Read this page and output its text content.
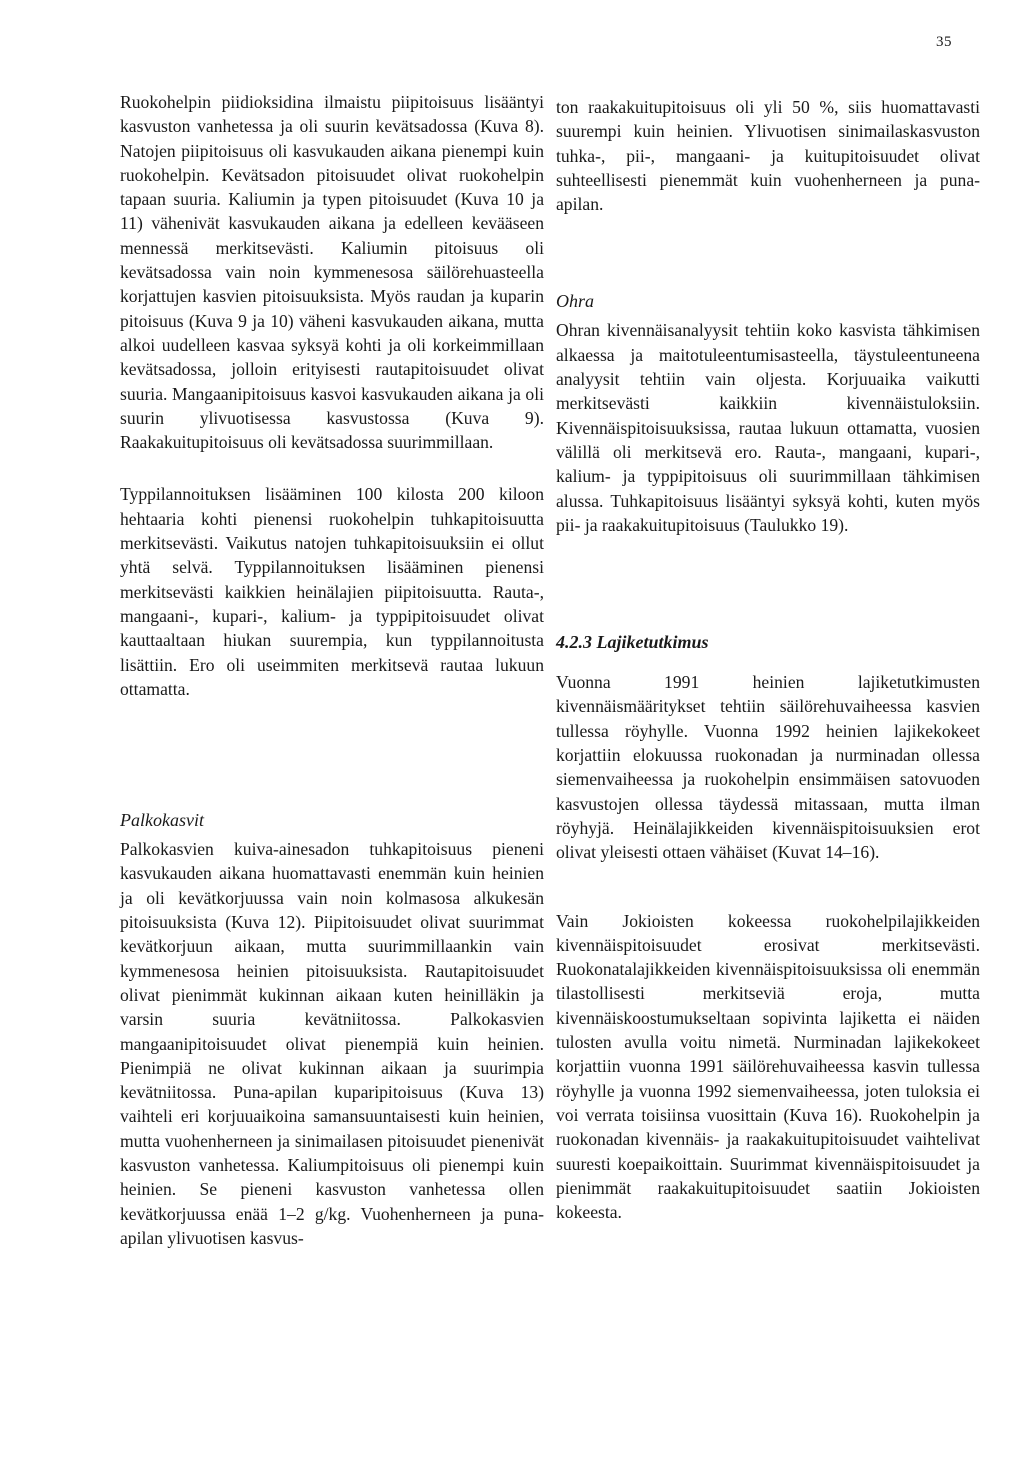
35

Ruokohelpin piidioksidina ilmaistu piipitoisuus lisääntyi kasvuston vanhetessa ja oli suurin kevätsadossa (Kuva 8). Natojen piipitoisuus oli kasvukauden aikana pienempi kuin ruokohelpin. Kevätsadon pitoisuudet olivat ruokohelpin tapaan suuria. Kaliumin ja typen pitoisuudet (Kuva 10 ja 11) vähenivät kasvukauden aikana ja edelleen kevääseen mennessä merkitsevästi. Kaliumin pitoisuus oli kevätsadossa vain noin kymmenesosa säilörehuasteella korjattujen kasvien pitoisuuksista. Myös raudan ja kuparin pitoisuus (Kuva 9 ja 10) väheni kasvukauden aikana, mutta alkoi uudelleen kasvaa syksyä kohti ja oli korkeimmillaan kevätsadossa, jolloin erityisesti rautapitoisuudet olivat suuria. Mangaanipitoisuus kasvoi kasvukauden aikana ja oli suurin ylivuotisessa kasvustossa (Kuva 9). Raakakuitupitoisuus oli kevätsadossa suurimmillaan.

Typpilannoituksen lisääminen 100 kilosta 200 kiloon hehtaaria kohti pienensi ruokohelpin tuhkapitoisuutta merkitsevästi. Vaikutus natojen tuhkapitoisuuksiin ei ollut yhtä selvä. Typpilannoituksen lisääminen pienensi merkitsevästi kaikkien heinälajien piipitoisuutta. Rauta-, mangaani-, kupari-, kalium- ja typpipitoisuudet olivat kauttaaltaan hiukan suurempia, kun typpilannoitusta lisättiin. Ero oli useimmiten merkitsevä rautaa lukuun ottamatta.

Palkokasvit

Palkokasvien kuiva-ainesadon tuhkapitoisuus pieneni kasvukauden aikana huomattavasti enemmän kuin heinien ja oli kevätkorjuussa vain noin kolmasosa alkukesän pitoisuuksista (Kuva 12). Piipitoisuudet olivat suurimmat kevätkorjuun aikaan, mutta suurimmillaankin vain kymmenesosa heinien pitoisuuksista. Rautapitoisuudet olivat pienimmät kukinnan aikaan kuten heinilläkin ja varsin suuria kevätniitossa. Palkokasvien mangaanipitoisuudet olivat pienempiä kuin heinien. Pienimpiä ne olivat kukinnan aikaan ja suurimpia kevätniitossa. Puna-apilan kuparipitoisuus (Kuva 13) vaihteli eri korjuuaikoina samansuuntaisesti kuin heinien, mutta vuohenherneen ja sinimailasen pitoisuudet pienenivät kasvuston vanhetessa. Kaliumpitoisuus oli pienempi kuin heinien. Se pieneni kasvuston vanhetessa ollen kevätkorjuussa enää 1–2 g/kg. Vuohenherneen ja puna-apilan ylivuotisen kasvus-

ton raakakuitupitoisuus oli yli 50 %, siis huomattavasti suurempi kuin heinien. Ylivuotisen sinimailaskasvuston tuhka-, pii-, mangaani- ja kuitupitoisuudet olivat suhteellisesti pienemmät kuin vuohenherneen ja puna-apilan.

Ohra

Ohran kivennäisanalyysit tehtiin koko kasvista tähkimisen alkaessa ja maitotuleentumisasteella, täystuleentuneena analyysit tehtiin vain oljesta. Korjuuaika vaikutti merkitsevästi kaikkiin kivennäistuloksiin. Kivennäispitoisuuksissa, rautaa lukuun ottamatta, vuosien välillä oli merkitsevä ero. Rauta-, mangaani, kupari-, kalium- ja typpipitoisuus oli suurimmillaan tähkimisen alussa. Tuhkapitoisuus lisääntyi syksyä kohti, kuten myös pii- ja raakakuitupitoisuus (Taulukko 19).

4.2.3 Lajiketutkimus

Vuonna 1991 heinien lajiketutkimusten kivennäismääritykset tehtiin säilörehuvaiheessa kasvien tullessa röyhylle. Vuonna 1992 heinien lajikekokeet korjattiin elokuussa ruokonadan ja nurminadan ollessa siemenvaiheessa ja ruokohelpin ensimmäisen satovuoden kasvustojen ollessa täydessä mitassaan, mutta ilman röyhyjä. Heinälajikkeiden kivennäispitoisuuksien erot olivat yleisesti ottaen vähäiset (Kuvat 14–16).

Vain Jokioisten kokeessa ruokohelpilajikkeiden kivennäispitoisuudet erosivat merkitsevästi. Ruokonatalajikkeiden kivennäispitoisuuksissa oli enemmän tilastollisesti merkitseviä eroja, mutta kivennäiskoostumukseltaan sopivinta lajiketta ei näiden tulosten avulla voitu nimetä. Nurminadan lajikekokeet korjattiin vuonna 1991 säilörehuvaiheessa kasvin tullessa röyhylle ja vuonna 1992 siemenvaiheessa, joten tuloksia ei voi verrata toisiinsa vuosittain (Kuva 16). Ruokohelpin ja ruokonadan kivennäis- ja raakakuitupitoisuudet vaihtelivat suuresti koepaikoittain. Suurimmat kivennäispitoisuudet ja pienimmät raakakuitupitoisuudet saatiin Jokioisten kokeesta.
